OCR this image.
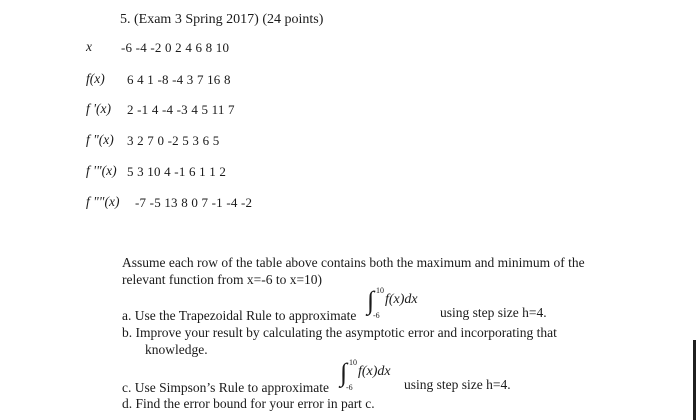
5. (Exam 3 Spring 2017) (24 points)
x -6 -4 -2 0 2 4 6 8 10
f(x) 6 4 1 -8 -4 3 7 16 8
f '(x) 2 -1 4 -4 -3 4 5 11 7
f "(x) 3 2 7 0 -2 5 3 6 5
f '"(x) 5 3 10 4 -1 6 1 1 2
f ""(x) -7 -5 13 8 0 7 -1 -4 -2
Assume each row of the table above contains both the maximum and minimum of the relevant function from x=-6 to x=10)
a. Use the Trapezoidal Rule to approximate
∫ 10
-6
f(x)dx
using step size h=4.
b. Improve your result by calculating the asymptotic error and incorporating that
knowledge.
c. Use Simpson’s Rule to approximate
∫ 10
-6
f(x)dx
using step size h=4.
d. Find the error bound for your error in part c.
